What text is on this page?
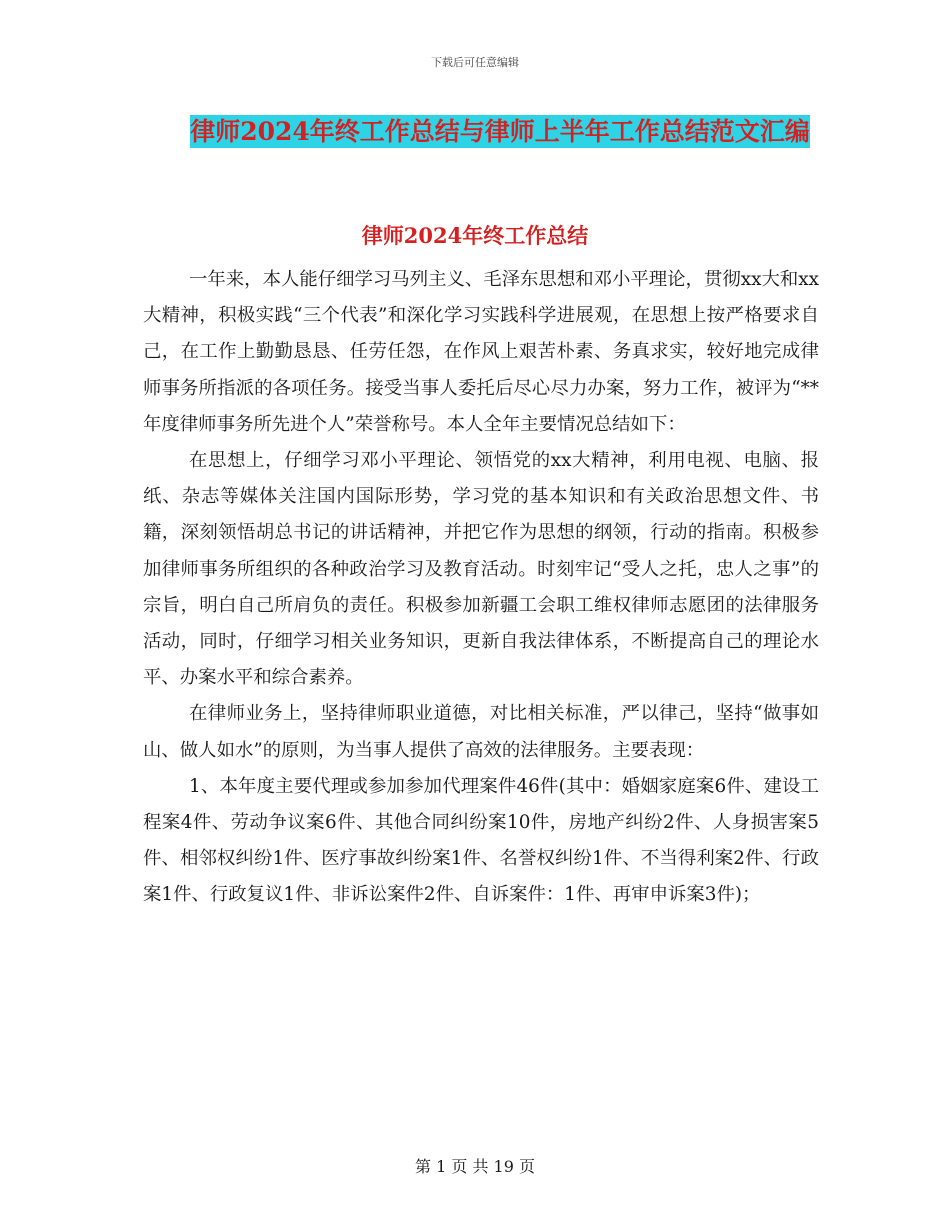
下载后可任意编辑
律师2024年终工作总结与律师上半年工作总结范文汇编
律师2024年终工作总结

一年来，本人能仔细学习马列主义、毛泽东思想和邓小平理论，贯彻xx大和xx大精神，积极实践“三个代表”和深化学习实践科学进展观，在思想上按严格要求自己，在工作上勤勤恳恳、任劳任怨，在作风上艰苦朴素、务真求实，较好地完成律师事务所指派的各项任务。接受当事人委托后尽心尽力办案，努力工作，被评为“**年度律师事务所先进个人”荣誉称号。本人全年主要情况总结如下：

在思想上，仔细学习邓小平理论、领悟党的xx大精神，利用电视、电脑、报纸、杂志等媒体关注国内国际形势，学习党的基本知识和有关政治思想文件、书籍，深刻领悟胡总书记的讲话精神，并把它作为思想的纲领，行动的指南。积极参加律师事务所组织的各种政治学习及教育活动。时刻牢记“受人之托，忠人之事”的宗旨，明白自己所肩负的责任。积极参加新疆工会职工维权律师志愿团的法律服务活动，同时，仔细学习相关业务知识，更新自我法律体系，不断提高自己的理论水平、办案水平和综合素养。

在律师业务上，坚持律师职业道德，对比相关标准，严以律己，坚持“做事如山、做人如水”的原则，为当事人提供了高效的法律服务。主要表现：

1、本年度主要代理或参加参加代理案件46件(其中：婚姻家庭案6件、建设工程案4件、劳动争议案6件、其他合同纠纷案10件，房地产纠纷2件、人身损害案5件、相邻权纠纷1件、医疗事故纠纷案1件、名誉权纠纷1件、不当得利案2件、行政案1件、行政复议1件、非诉讼案件2件、自诉案件：1件、再审申诉案3件)；

第 1 页 共 19 页
